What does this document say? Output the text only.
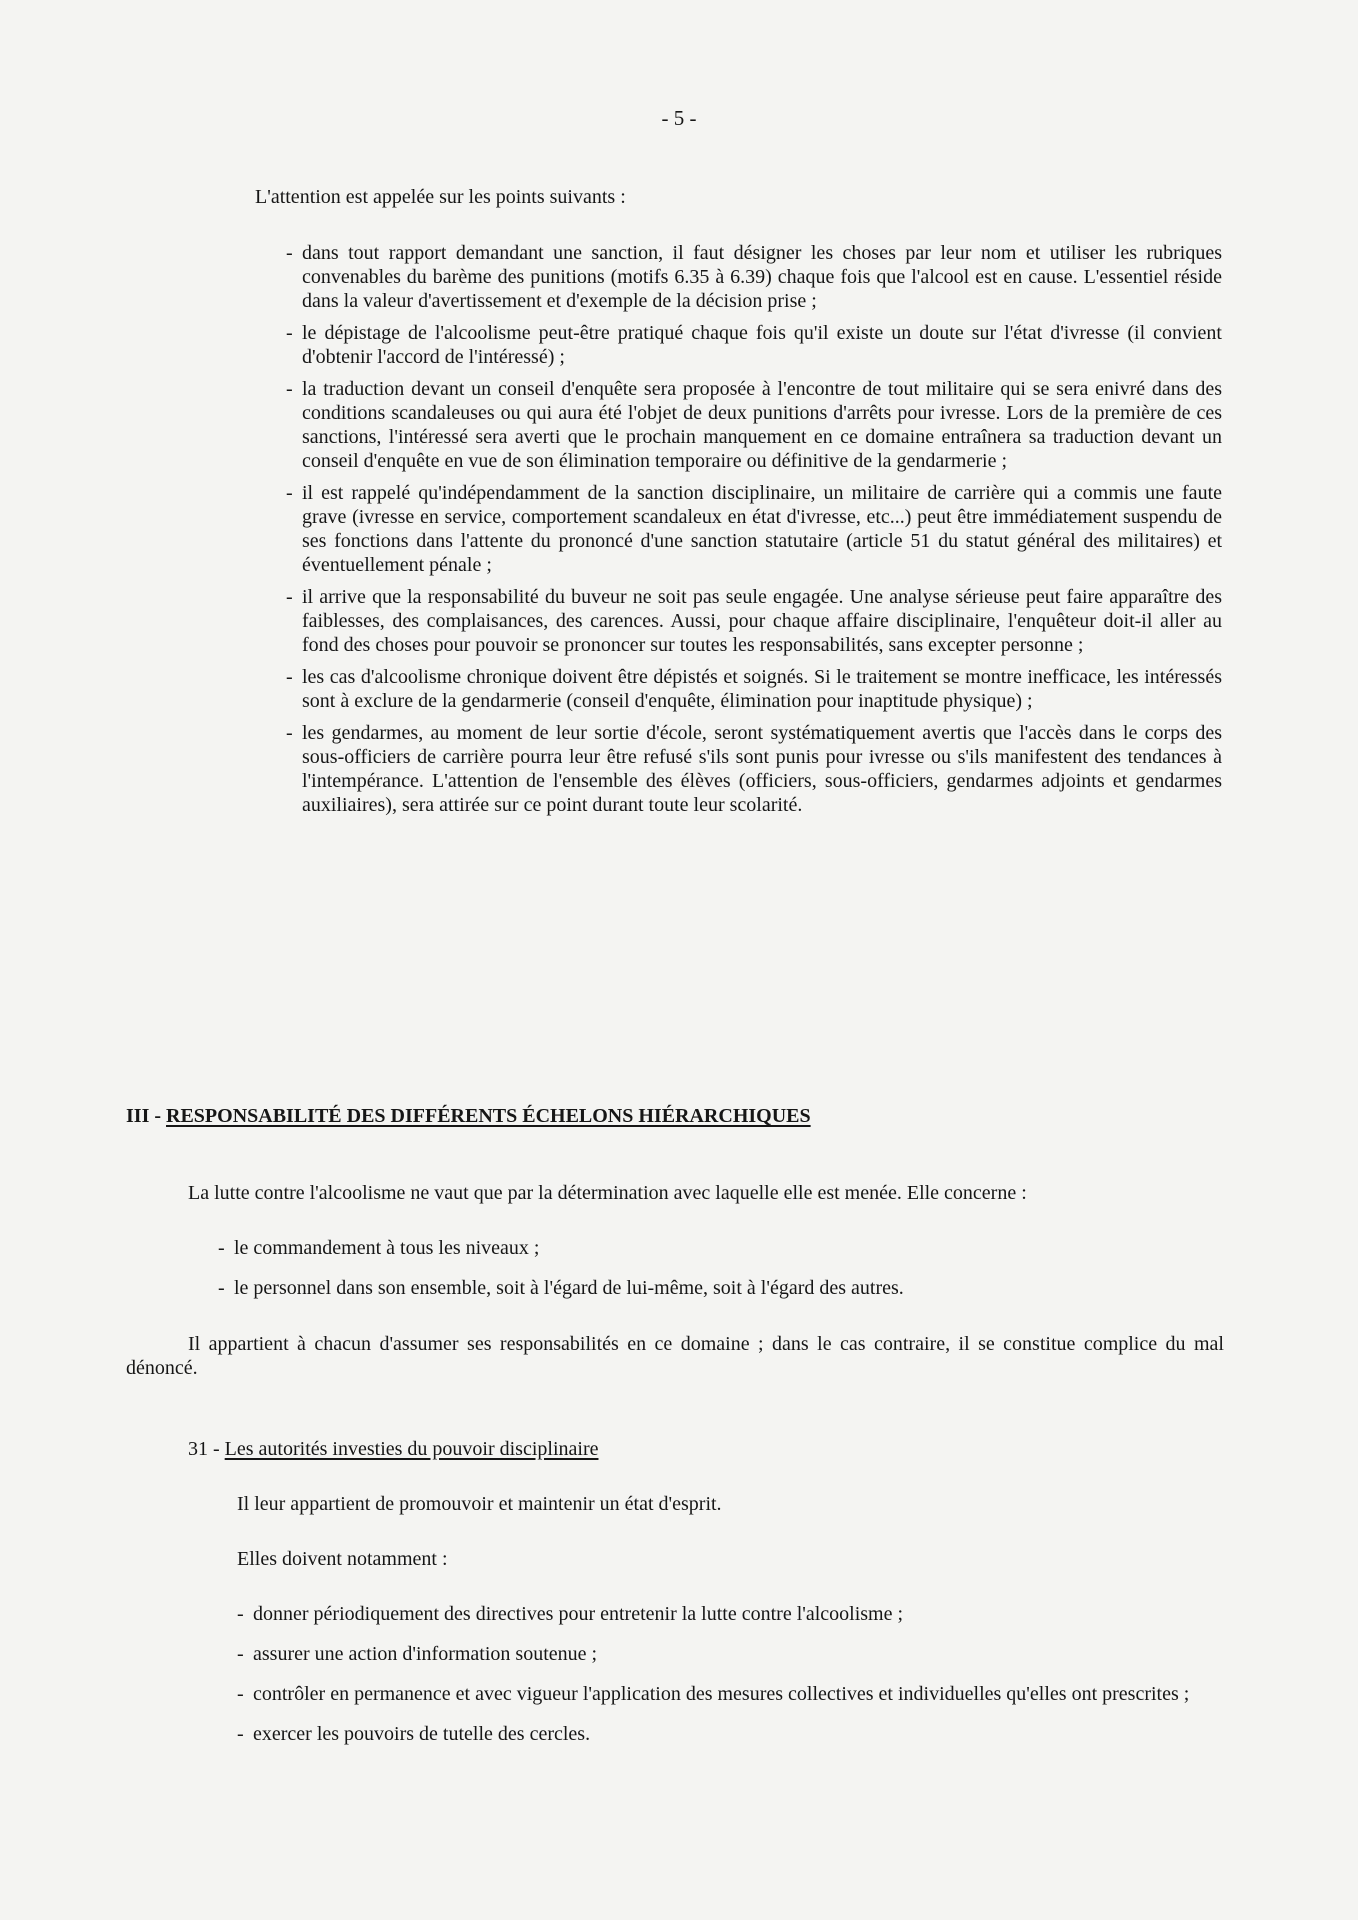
- 5 -

L'attention est appelée sur les points suivants :

- dans tout rapport demandant une sanction, il faut désigner les choses par leur nom et utiliser les rubriques convenables du barème des punitions (motifs 6.35 à 6.39) chaque fois que l'alcool est en cause. L'essentiel réside dans la valeur d'avertissement et d'exemple de la décision prise ;
- le dépistage de l'alcoolisme peut-être pratiqué chaque fois qu'il existe un doute sur l'état d'ivresse (il convient d'obtenir l'accord de l'intéressé) ;
- la traduction devant un conseil d'enquête sera proposée à l'encontre de tout militaire qui se sera enivré dans des conditions scandaleuses ou qui aura été l'objet de deux punitions d'arrêts pour ivresse. Lors de la première de ces sanctions, l'intéressé sera averti que le prochain manquement en ce domaine entraînera sa traduction devant un conseil d'enquête en vue de son élimination temporaire ou définitive de la gendarmerie ;
- il est rappelé qu'indépendamment de la sanction disciplinaire, un militaire de carrière qui a commis une faute grave (ivresse en service, comportement scandaleux en état d'ivresse, etc...) peut être immédiatement suspendu de ses fonctions dans l'attente du prononcé d'une sanction statutaire (article 51 du statut général des militaires) et éventuellement pénale ;
- il arrive que la responsabilité du buveur ne soit pas seule engagée. Une analyse sérieuse peut faire apparaître des faiblesses, des complaisances, des carences. Aussi, pour chaque affaire disciplinaire, l'enquêteur doit-il aller au fond des choses pour pouvoir se prononcer sur toutes les responsabilités, sans excepter personne ;
- les cas d'alcoolisme chronique doivent être dépistés et soignés. Si le traitement se montre inefficace, les intéressés sont à exclure de la gendarmerie (conseil d'enquête, élimination pour inaptitude physique) ;
- les gendarmes, au moment de leur sortie d'école, seront systématiquement avertis que l'accès dans le corps des sous-officiers de carrière pourra leur être refusé s'ils sont punis pour ivresse ou s'ils manifestent des tendances à l'intempérance. L'attention de l'ensemble des élèves (officiers, sous-officiers, gendarmes adjoints et gendarmes auxiliaires), sera attirée sur ce point durant toute leur scolarité.
III - RESPONSABILITÉ DES DIFFÉRENTS ÉCHELONS HIÉRARCHIQUES

La lutte contre l'alcoolisme ne vaut que par la détermination avec laquelle elle est menée. Elle concerne :

- le commandement à tous les niveaux ;
- le personnel dans son ensemble, soit à l'égard de lui-même, soit à l'égard des autres.

Il appartient à chacun d'assumer ses responsabilités en ce domaine ; dans le cas contraire, il se constitue complice du mal dénoncé.

31 - Les autorités investies du pouvoir disciplinaire

Il leur appartient de promouvoir et maintenir un état d'esprit.

Elles doivent notamment :

- donner périodiquement des directives pour entretenir la lutte contre l'alcoolisme ;
- assurer une action d'information soutenue ;
- contrôler en permanence et avec vigueur l'application des mesures collectives et individuelles qu'elles ont prescrites ;
- exercer les pouvoirs de tutelle des cercles.
